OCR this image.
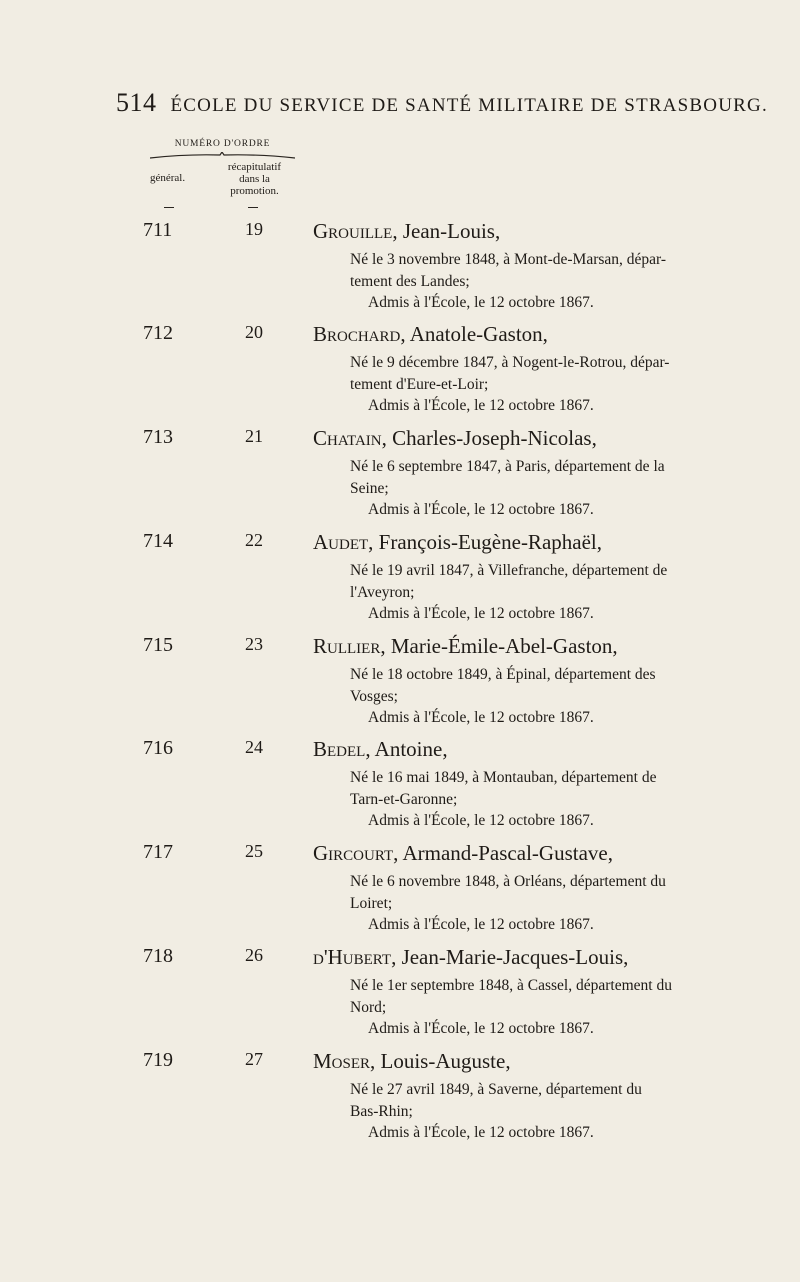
514 ÉCOLE DU SERVICE DE SANTÉ MILITAIRE DE STRASBOURG.
NUMÉRO D'ORDRE
général.
récapitulatif
dans la
promotion.
711	19 Grouille, Jean-Louis,

Né le 3 novembre 1848, à Mont-de-Marsan, dépar-

tement des Landes;

Admis à l'École, le 12 octobre 1867.

712	20 Brochard, Anatole-Gaston,

Né le 9 décembre 1847, à Nogent-le-Rotrou, dépar-

tement d'Eure-et-Loir;

Admis à l'École, le 12 octobre 1867.

713	21 Chatain, Charles-Joseph-Nicolas,

Né le 6 septembre 1847, à Paris, département de la

Seine;

Admis à l'École, le 12 octobre 1867.

714	22 Audet, François-Eugène-Raphaël,

Né le 19 avril 1847, à Villefranche, département de

l'Aveyron;

Admis à l'École, le 12 octobre 1867.

715	23 Rullier, Marie-Émile-Abel-Gaston,

Né le 18 octobre 1849, à Épinal, département des

Vosges;

Admis à l'École, le 12 octobre 1867.

716	24 Bedel, Antoine,

Né le 16 mai 1849, à Montauban, département de

Tarn-et-Garonne;

Admis à l'École, le 12 octobre 1867.

717	25 Gircourt, Armand-Pascal-Gustave,

Né le 6 novembre 1848, à Orléans, département du

Loiret;

Admis à l'École, le 12 octobre 1867.

718	26 d'Hubert, Jean-Marie-Jacques-Louis,

Né le 1er septembre 1848, à Cassel, département du

Nord;

Admis à l'École, le 12 octobre 1867.

719	27 Moser, Louis-Auguste,

Né le 27 avril 1849, à Saverne, département du

Bas-Rhin;

Admis à l'École, le 12 octobre 1867.
